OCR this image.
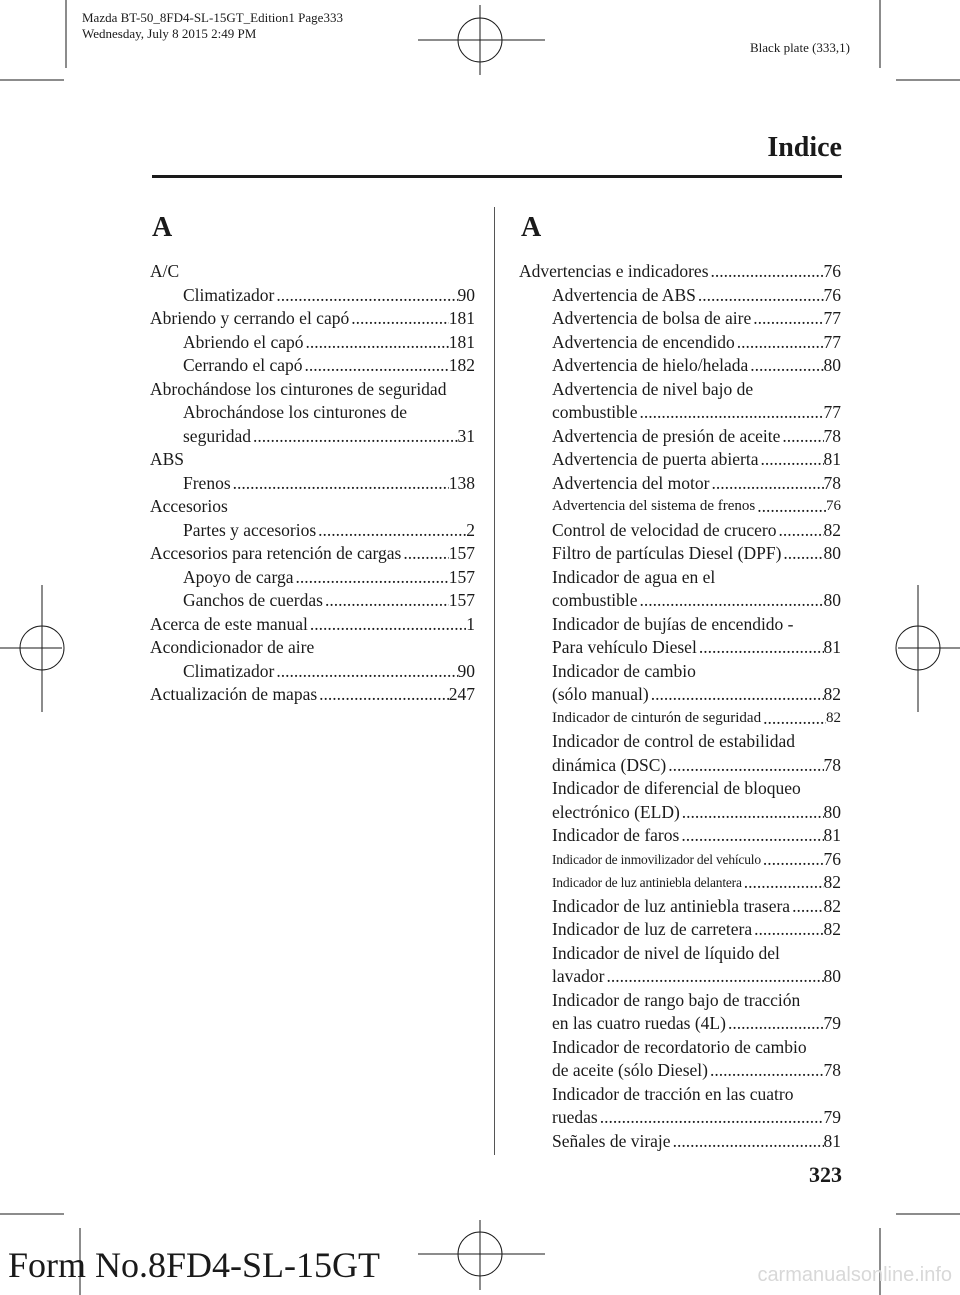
Mazda BT-50_8FD4-SL-15GT_Edition1 Page333
Wednesday, July 8 2015 2:49 PM
Black plate (333,1)
Indice
A
A/C
Climatizador .....	90
Abriendo y cerrando el capó .....	181
Abriendo el capó .....	181
Cerrando el capó .....	182
Abrochándose los cinturones de seguridad
Abrochándose los cinturones de
seguridad .....	31
ABS
Frenos .....	138
Accesorios
Partes y accesorios .....	2
Accesorios para retención de cargas .....	157
Apoyo de carga .....	157
Ganchos de cuerdas .....	157
Acerca de este manual .....	1
Acondicionador de aire
Climatizador .....	90
Actualización de mapas .....	247
A
Advertencias e indicadores .....	76
Advertencia de ABS .....	76
Advertencia de bolsa de aire .....	77
Advertencia de encendido .....	77
Advertencia de hielo/helada .....	80
Advertencia de nivel bajo de
combustible .....	77
Advertencia de presión de aceite ..... 78
Advertencia de puerta abierta .....	81
Advertencia del motor .....	78
Advertencia del sistema de frenos .....	76
Control de velocidad de crucero .....	82
Filtro de partículas Diesel (DPF) ..... 80
Indicador de agua en el
combustible .....	80
Indicador de bujías de encendido -
Para vehículo Diesel .....	81
Indicador de cambio
(sólo manual) .....	82
Indicador de cinturón de seguridad .....	82
Indicador de control de estabilidad
dinámica (DSC) .....	78
Indicador de diferencial de bloqueo
electrónico (ELD) .....	80
Indicador de faros .....	81
Indicador de inmovilizador del vehículo .....	76
Indicador de luz antiniebla delantera .....	82
Indicador de luz antiniebla trasera ..... 82
Indicador de luz de carretera .....	82
Indicador de nivel de líquido del
lavador .....	80
Indicador de rango bajo de tracción
en las cuatro ruedas (4L) .....	79
Indicador de recordatorio de cambio
de aceite (sólo Diesel) .....	78
Indicador de tracción en las cuatro
ruedas .....	79
Señales de viraje .....	81
323
Form No.8FD4-SL-15GT	carmanualsonline.info
